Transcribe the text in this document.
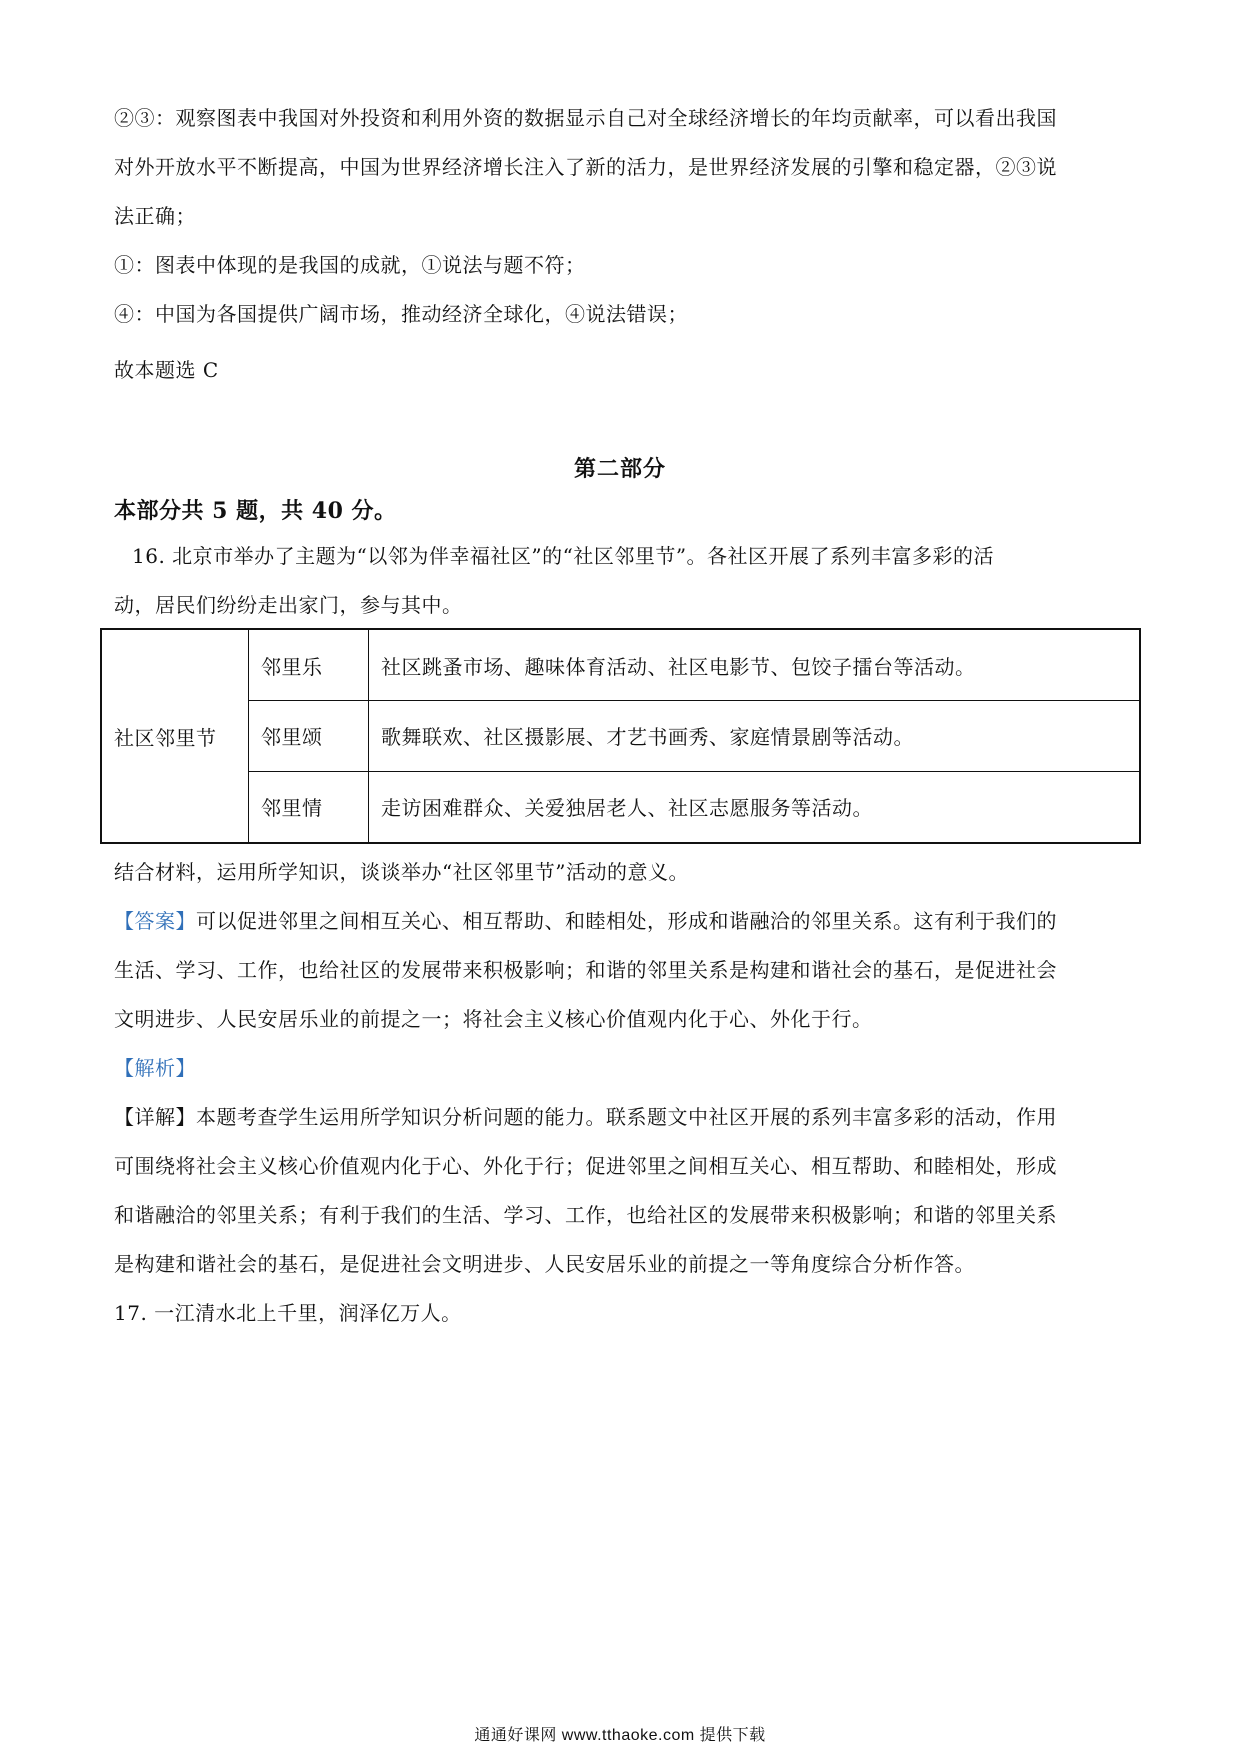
②③：观察图表中我国对外投资和利用外资的数据显示自己对全球经济增长的年均贡献率，可以看出我国
对外开放水平不断提高，中国为世界经济增长注入了新的活力，是世界经济发展的引擎和稳定器，②③说
法正确；
①：图表中体现的是我国的成就，①说法与题不符；
④：中国为各国提供广阔市场，推动经济全球化，④说法错误；
故本题选 C
第二部分
本部分共 5 题，共 40 分。
16. 北京市举办了主题为“以邻为伴幸福社区”的“社区邻里节”。各社区开展了系列丰富多彩的活
动，居民们纷纷走出家门，参与其中。
社区邻里节	邻里乐	社区跳蚤市场、趣味体育活动、社区电影节、包饺子擂台等活动。
	邻里颂	歌舞联欢、社区摄影展、才艺书画秀、家庭情景剧等活动。
	邻里情	走访困难群众、关爱独居老人、社区志愿服务等活动。
结合材料，运用所学知识，谈谈举办“社区邻里节”活动的意义。
【答案】可以促进邻里之间相互关心、相互帮助、和睦相处，形成和谐融洽的邻里关系。这有利于我们的
生活、学习、工作，也给社区的发展带来积极影响；和谐的邻里关系是构建和谐社会的基石，是促进社会
文明进步、人民安居乐业的前提之一；将社会主义核心价值观内化于心、外化于行。
【解析】
【详解】本题考查学生运用所学知识分析问题的能力。联系题文中社区开展的系列丰富多彩的活动，作用
可围绕将社会主义核心价值观内化于心、外化于行；促进邻里之间相互关心、相互帮助、和睦相处，形成
和谐融洽的邻里关系；有利于我们的生活、学习、工作，也给社区的发展带来积极影响；和谐的邻里关系
是构建和谐社会的基石，是促进社会文明进步、人民安居乐业的前提之一等角度综合分析作答。
17. 一江清水北上千里，润泽亿万人。
通通好课网 www.tthaoke.com 提供下载
